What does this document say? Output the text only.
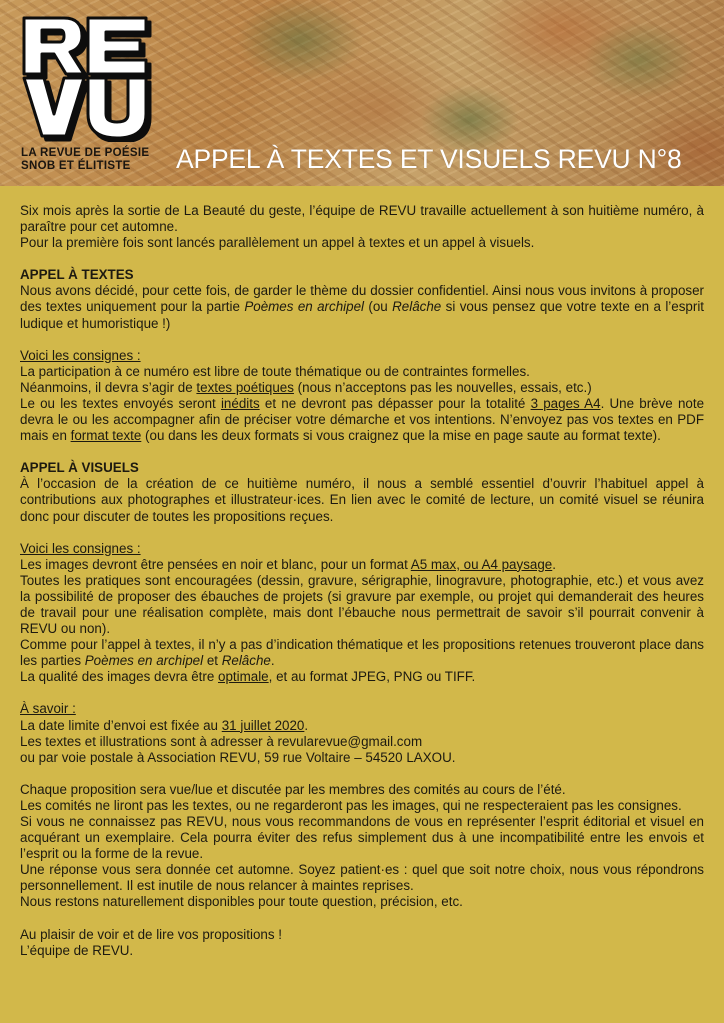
LA REVUE DE POÉSIE
SNOB ET ÉLITISTE	APPEL À TEXTES ET VISUELS REVU N°8

Six mois après la sortie de La Beauté du geste, l’équipe de REVU travaille actuellement à son huitième numéro, à paraître pour cet automne.

Pour la première fois sont lancés parallèlement un appel à textes et un appel à visuels.

APPEL À TEXTES

Nous avons décidé, pour cette fois, de garder le thème du dossier confidentiel. Ainsi nous vous invitons à proposer des textes uniquement pour la partie Poèmes en archipel (ou Relâche si vous pensez que votre texte en a l’esprit ludique et humoristique !)

Voici les consignes :

La participation à ce numéro est libre de toute thématique ou de contraintes formelles.

Néanmoins, il devra s’agir de textes poétiques (nous n’acceptons pas les nouvelles, essais, etc.)

Le ou les textes envoyés seront inédits et ne devront pas dépasser pour la totalité 3 pages A4. Une brève note devra le ou les accompagner afin de préciser votre démarche et vos intentions. N’envoyez pas vos textes en PDF mais en format texte (ou dans les deux formats si vous craignez que la mise en page saute au format texte).

APPEL À VISUELS

À l’occasion de la création de ce huitième numéro, il nous a semblé essentiel d’ouvrir l’habituel appel à contributions aux photographes et illustrateur·ices. En lien avec le comité de lecture, un comité visuel se réunira donc pour discuter de toutes les propositions reçues.

Voici les consignes :

Les images devront être pensées en noir et blanc, pour un format A5 max, ou A4 paysage.

Toutes les pratiques sont encouragées (dessin, gravure, sérigraphie, linogravure, photographie, etc.) et vous avez la possibilité de proposer des ébauches de projets (si gravure par exemple, ou projet qui demanderait des heures de travail pour une réalisation complète, mais dont l’ébauche nous permettrait de savoir s’il pourrait convenir à REVU ou non).

Comme pour l’appel à textes, il n’y a pas d’indication thématique et les propositions retenues trouveront place dans les parties Poèmes en archipel et Relâche.

La qualité des images devra être optimale, et au format JPEG, PNG ou TIFF.

À savoir :

La date limite d’envoi est fixée au 31 juillet 2020.

Les textes et illustrations sont à adresser à revularevue@gmail.com

ou par voie postale à Association REVU, 59 rue Voltaire – 54520 LAXOU.

Chaque proposition sera vue/lue et discutée par les membres des comités au cours de l’été.

Les comités ne liront pas les textes, ou ne regarderont pas les images, qui ne respecteraient pas les consignes.

Si vous ne connaissez pas REVU, nous vous recommandons de vous en représenter l’esprit éditorial et visuel en acquérant un exemplaire. Cela pourra éviter des refus simplement dus à une incompatibilité entre les envois et l’esprit ou la forme de la revue.

Une réponse vous sera donnée cet automne. Soyez patient·es : quel que soit notre choix, nous vous répondrons personnellement. Il est inutile de nous relancer à maintes reprises.

Nous restons naturellement disponibles pour toute question, précision, etc.

Au plaisir de voir et de lire vos propositions !

L’équipe de REVU.
